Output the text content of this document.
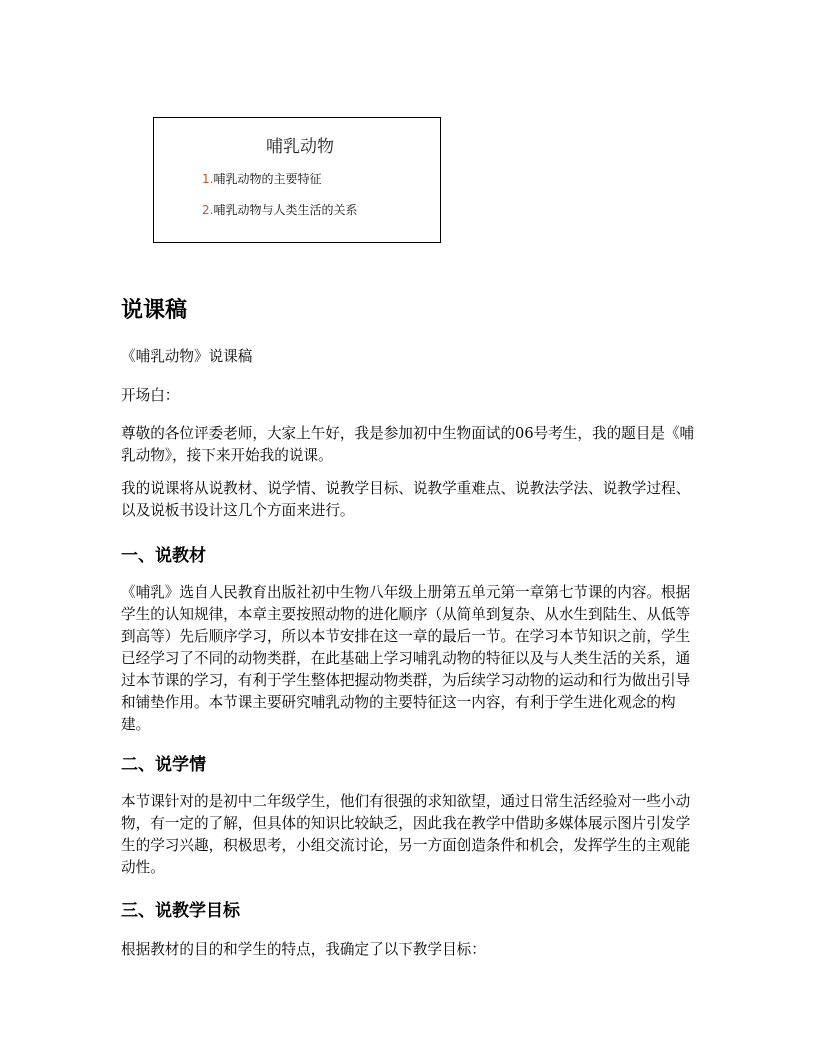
哺乳动物
1.哺乳动物的主要特征
2.哺乳动物与人类生活的关系
说课稿

《哺乳动物》说课稿

开场白：

尊敬的各位评委老师，大家上午好，我是参加初中生物面试的06号考生，我的题目是《哺乳动物》，接下来开始我的说课。

我的说课将从说教材、说学情、说教学目标、说教学重难点、说教法学法、说教学过程、以及说板书设计这几个方面来进行。

一、说教材

《哺乳》选自人民教育出版社初中生物八年级上册第五单元第一章第七节课的内容。根据学生的认知规律，本章主要按照动物的进化顺序（从简单到复杂、从水生到陆生、从低等到高等）先后顺序学习，所以本节安排在这一章的最后一节。在学习本节知识之前，学生已经学习了不同的动物类群，在此基础上学习哺乳动物的特征以及与人类生活的关系，通过本节课的学习，有利于学生整体把握动物类群，为后续学习动物的运动和行为做出引导和铺垫作用。本节课主要研究哺乳动物的主要特征这一内容，有利于学生进化观念的构建。

二、说学情

本节课针对的是初中二年级学生，他们有很强的求知欲望，通过日常生活经验对一些小动物，有一定的了解，但具体的知识比较缺乏，因此我在教学中借助多媒体展示图片引发学生的学习兴趣，积极思考，小组交流讨论，另一方面创造条件和机会，发挥学生的主观能动性。

三、说教学目标

根据教材的目的和学生的特点，我确定了以下教学目标：
